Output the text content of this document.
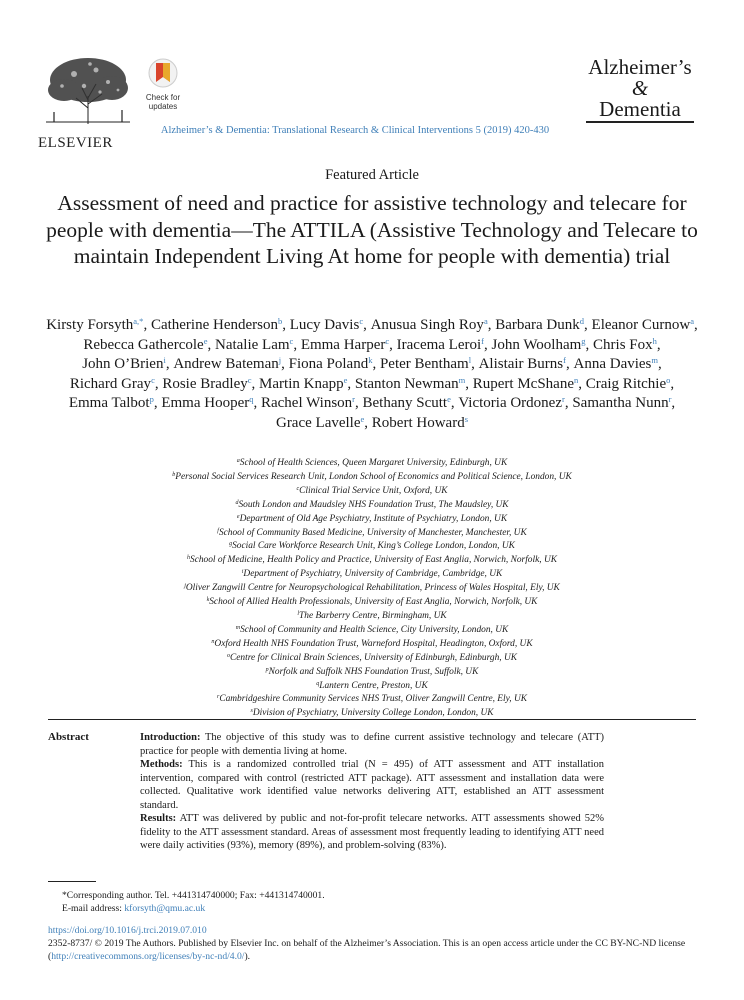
ELSEVIER
Check for
updates
Alzheimer’s
&
Dementia
Alzheimer’s & Dementia: Translational Research & Clinical Interventions 5 (2019) 420-430
Featured Article
Assessment of need and practice for assistive technology and telecare for people with dementia—The ATTILA (Assistive Technology and Telecare to maintain Independent Living At home for people with dementia) trial
Kirsty Forsyth$^{a,*}$, Catherine Henderson$^b$, Lucy Davis$^c$, Anusua Singh Roy$^a$, Barbara Dunk$^d$, Eleanor Curnow$^a$, Rebecca Gathercole$^e$, Natalie Lam$^c$, Emma Harper$^c$, Iracema Leroi$^f$, John Woolham$^g$, Chris Fox$^h$, John O’Brien$^i$, Andrew Bateman$^j$, Fiona Poland$^k$, Peter Bentham$^l$, Alistair Burns$^f$, Anna Davies$^m$, Richard Gray$^c$, Rosie Bradley$^c$, Martin Knapp$^e$, Stanton Newman$^m$, Rupert McShane$^n$, Craig Ritchie$^o$, Emma Talbot$^p$, Emma Hooper$^q$, Rachel Winson$^r$, Bethany Scutt$^e$, Victoria Ordonez$^r$, Samantha Nunn$^r$, Grace Lavelle$^e$, Robert Howard$^s$
$^a$School of Health Sciences, Queen Margaret University, Edinburgh, UK
$^b$Personal Social Services Research Unit, London School of Economics and Political Science, London, UK
$^c$Clinical Trial Service Unit, Oxford, UK
$^d$South London and Maudsley NHS Foundation Trust, The Maudsley, UK
$^e$Department of Old Age Psychiatry, Institute of Psychiatry, London, UK
$^f$School of Community Based Medicine, University of Manchester, Manchester, UK
$^g$Social Care Workforce Research Unit, King’s College London, London, UK
$^h$School of Medicine, Health Policy and Practice, University of East Anglia, Norwich, Norfolk, UK
$^i$Department of Psychiatry, University of Cambridge, Cambridge, UK
$^j$Oliver Zangwill Centre for Neuropsychological Rehabilitation, Princess of Wales Hospital, Ely, UK
$^k$School of Allied Health Professionals, University of East Anglia, Norwich, Norfolk, UK
$^l$The Barberry Centre, Birmingham, UK
$^m$School of Community and Health Science, City University, London, UK
$^n$Oxford Health NHS Foundation Trust, Warneford Hospital, Headington, Oxford, UK
$^o$Centre for Clinical Brain Sciences, University of Edinburgh, Edinburgh, UK
$^p$Norfolk and Suffolk NHS Foundation Trust, Suffolk, UK
$^q$Lantern Centre, Preston, UK
$^r$Cambridgeshire Community Services NHS Trust, Oliver Zangwill Centre, Ely, UK
$^s$Division of Psychiatry, University College London, London, UK
Abstract	Introduction: The objective of this study was to define current assistive technology and telecare (ATT) practice for people with dementia living at home.

Methods: This is a randomized controlled trial (N = 495) of ATT assessment and ATT installation intervention, compared with control (restricted ATT package). ATT assessment and installation data were collected. Qualitative work identified value networks delivering ATT, established an ATT assessment standard.

Results: ATT was delivered by public and not-for-profit telecare networks. ATT assessments showed 52% fidelity to the ATT assessment standard. Areas of assessment most frequently leading to identifying ATT need were daily activities (93%), memory (89%), and problem-solving (83%).

*Corresponding author. Tel. +441314740000; Fax: +441314740001.
E-mail address: kforsyth@qmu.ac.uk
https://doi.org/10.1016/j.trci.2019.07.010
2352-8737/ © 2019 The Authors. Published by Elsevier Inc. on behalf of the Alzheimer’s Association. This is an open access article under the CC BY-NC-ND license (http://creativecommons.org/licenses/by-nc-nd/4.0/).
